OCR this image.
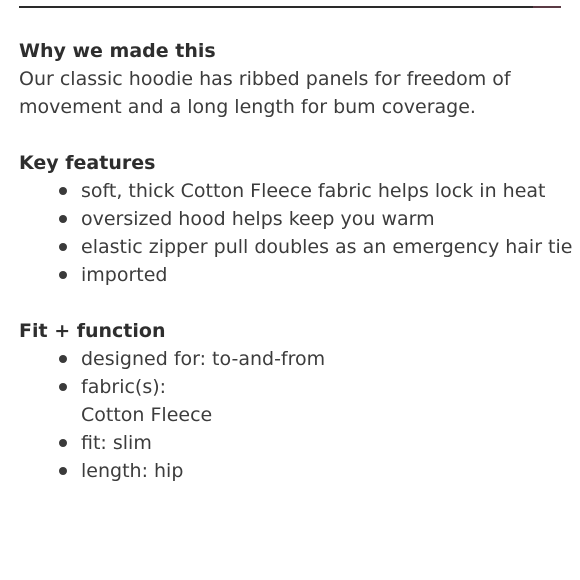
Why we made this

Our classic hoodie has ribbed panels for freedom of
movement and a long length for bum coverage.

Key features
soft, thick Cotton Fleece fabric helps lock in heat
oversized hood helps keep you warm
elastic zipper pull doubles as an emergency hair tie
imported
Fit + function
designed for: to-and-from
fabric(s):
Cotton Fleece
fit: slim
length: hip
